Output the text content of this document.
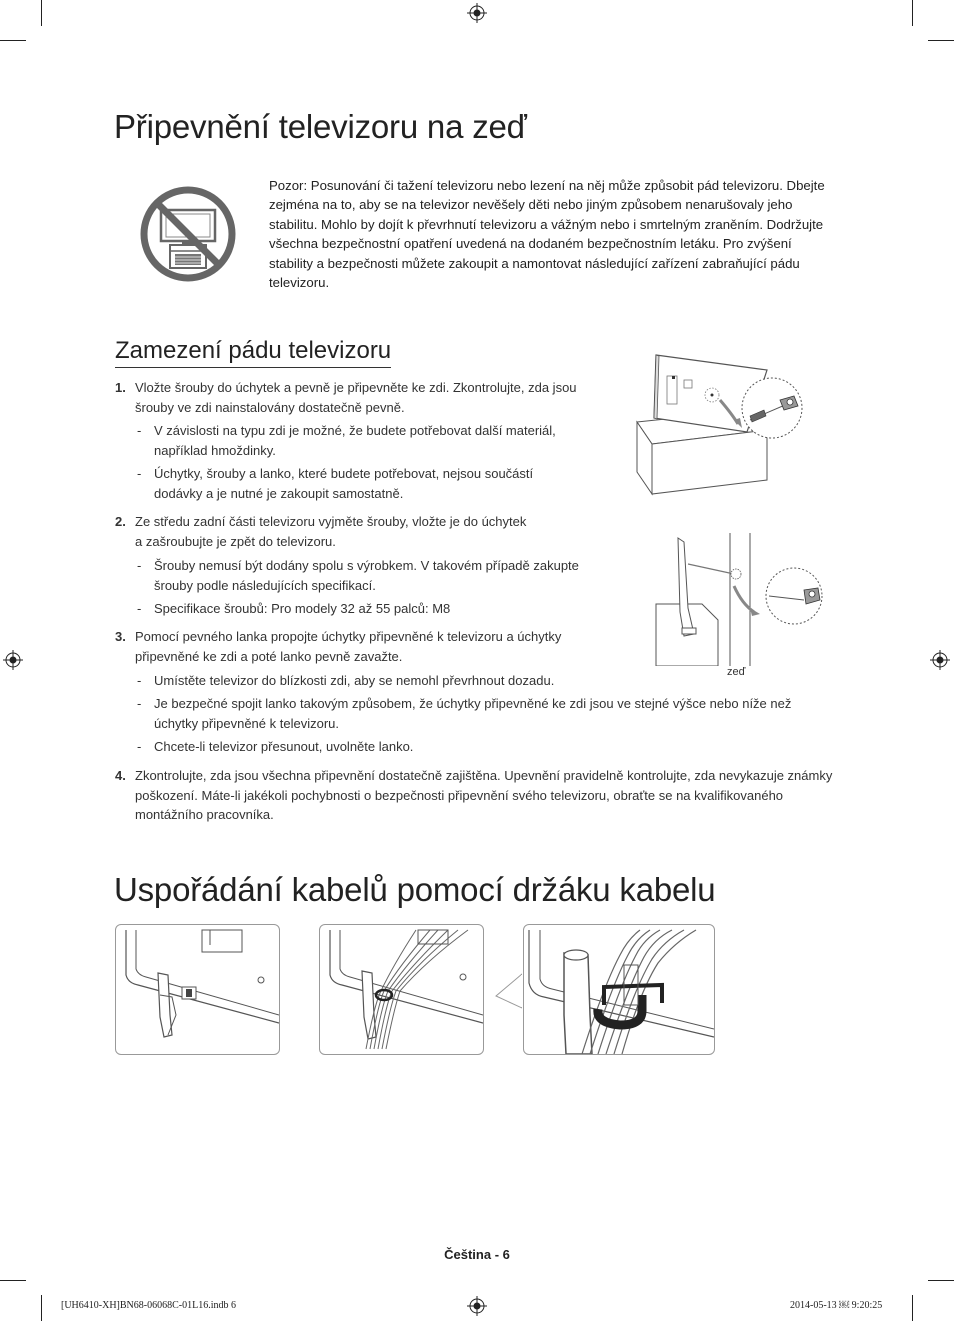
Připevnění televizoru na zeď
Pozor: Posunování či tažení televizoru nebo lezení na něj může způsobit pád televizoru. Dbejte zejména na to, aby se na televizor nevěšely děti nebo jiným způsobem nenarušovaly jeho stabilitu. Mohlo by dojít k převrhnutí televizoru a vážným nebo i smrtelným zraněním. Dodržujte všechna bezpečnostní opatření uvedená na dodaném bezpečnostním letáku. Pro zvýšení stability a bezpečnosti můžete zakoupit a namontovat následující zařízení zabraňující pádu televizoru.
Zamezení pádu televizoru
1. Vložte šrouby do úchytek a pevně je připevněte ke zdi. Zkontrolujte, zda jsou
šrouby ve zdi nainstalovány dostatečně pevně.
- V závislosti na typu zdi je možné, že budete potřebovat další materiál,
například hmoždinky.
- Úchytky, šrouby a lanko, které budete potřebovat, nejsou součástí
dodávky a je nutné je zakoupit samostatně.
2. Ze středu zadní části televizoru vyjměte šrouby, vložte je do úchytek
a zašroubujte je zpět do televizoru.
- Šrouby nemusí být dodány spolu s výrobkem. V takovém případě zakupte
šrouby podle následujících specifikací.
- Specifikace šroubů: Pro modely 32 až 55 palců: M8
3. Pomocí pevného lanka propojte úchytky připevněné k televizoru a úchytky
připevněné ke zdi a poté lanko pevně zavažte.
- Umístěte televizor do blízkosti zdi, aby se nemohl převrhnout dozadu.
- Je bezpečné spojit lanko takovým způsobem, že úchytky připevněné ke zdi jsou ve stejné výšce nebo níže než
úchytky připevněné k televizoru.
- Chcete-li televizor přesunout, uvolněte lanko.
4. Zkontrolujte, zda jsou všechna připevnění dostatečně zajištěna. Upevnění pravidelně kontrolujte, zda nevykazuje známky
poškození. Máte-li jakékoli pochybnosti o bezpečnosti připevnění svého televizoru, obraťte se na kvalifikovaného
montážního pracovníka.
zeď
Uspořádání kabelů pomocí držáku kabelu
Čeština - 6
[UH6410-XH]BN68-06068C-01L16.indb 6	2014-05-13 ￼ 9:20:25
